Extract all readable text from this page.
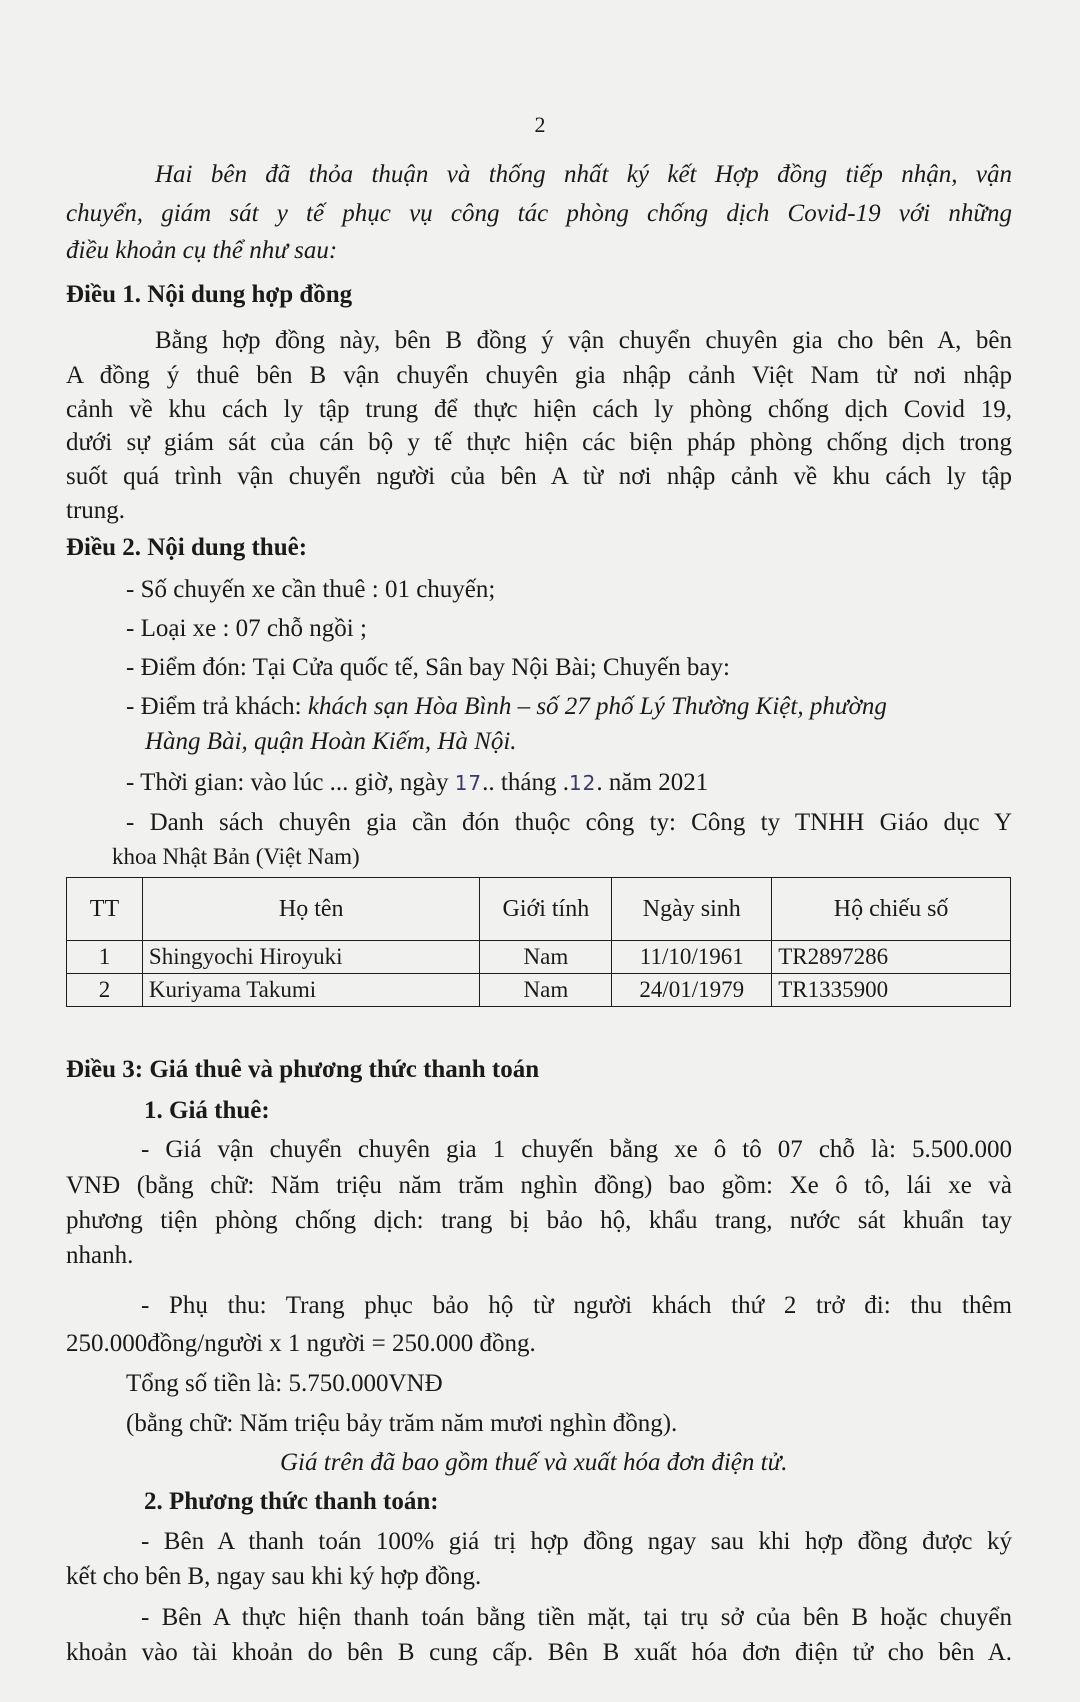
2
Hai bên đã thỏa thuận và thống nhất ký kết Hợp đồng tiếp nhận, vận
chuyển, giám sát y tế phục vụ công tác phòng chống dịch Covid-19 với những
điều khoản cụ thể như sau:
Điều 1. Nội dung hợp đồng
Bằng hợp đồng này, bên B đồng ý vận chuyển chuyên gia cho bên A, bên
A đồng ý thuê bên B vận chuyển chuyên gia nhập cảnh Việt Nam từ nơi nhập
cảnh về khu cách ly tập trung để thực hiện cách ly phòng chống dịch Covid 19,
dưới sự giám sát của cán bộ y tế thực hiện các biện pháp phòng chống dịch trong
suốt quá trình vận chuyển người của bên A từ nơi nhập cảnh về khu cách ly tập
trung.
Điều 2. Nội dung thuê:
- Số chuyến xe cần thuê : 01 chuyến;
- Loại xe : 07 chỗ ngồi ;
- Điểm đón: Tại Cửa quốc tế, Sân bay Nội Bài; Chuyến bay:
- Điểm trả khách: khách sạn Hòa Bình – số 27 phố Lý Thường Kiệt, phường
Hàng Bài, quận Hoàn Kiếm, Hà Nội.
- Thời gian: vào lúc ... giờ, ngày 17.. tháng .12. năm 2021
- Danh sách chuyên gia cần đón thuộc công ty: Công ty TNHH Giáo dục Y
khoa Nhật Bản (Việt Nam)
TT	Họ tên	Giới tính	Ngày sinh	Hộ chiếu số
1	Shingyochi Hiroyuki	Nam	11/10/1961	TR2897286
2	Kuriyama Takumi	Nam	24/01/1979	TR1335900
Điều 3: Giá thuê và phương thức thanh toán
1. Giá thuê:
- Giá vận chuyển chuyên gia 1 chuyến bằng xe ô tô 07 chỗ là: 5.500.000
VNĐ (bằng chữ: Năm triệu năm trăm nghìn đồng) bao gồm: Xe ô tô, lái xe và
phương tiện phòng chống dịch: trang bị bảo hộ, khẩu trang, nước sát khuẩn tay
nhanh.
- Phụ thu: Trang phục bảo hộ từ người khách thứ 2 trở đi: thu thêm
250.000đồng/người x 1 người = 250.000 đồng.
Tổng số tiền là: 5.750.000VNĐ
(bằng chữ: Năm triệu bảy trăm năm mươi nghìn đồng).
Giá trên đã bao gồm thuế và xuất hóa đơn điện tử.
2. Phương thức thanh toán:
- Bên A thanh toán 100% giá trị hợp đồng ngay sau khi hợp đồng được ký
kết cho bên B, ngay sau khi ký hợp đồng.
- Bên A thực hiện thanh toán bằng tiền mặt, tại trụ sở của bên B hoặc chuyển
khoản vào tài khoản do bên B cung cấp. Bên B xuất hóa đơn điện tử cho bên A.
